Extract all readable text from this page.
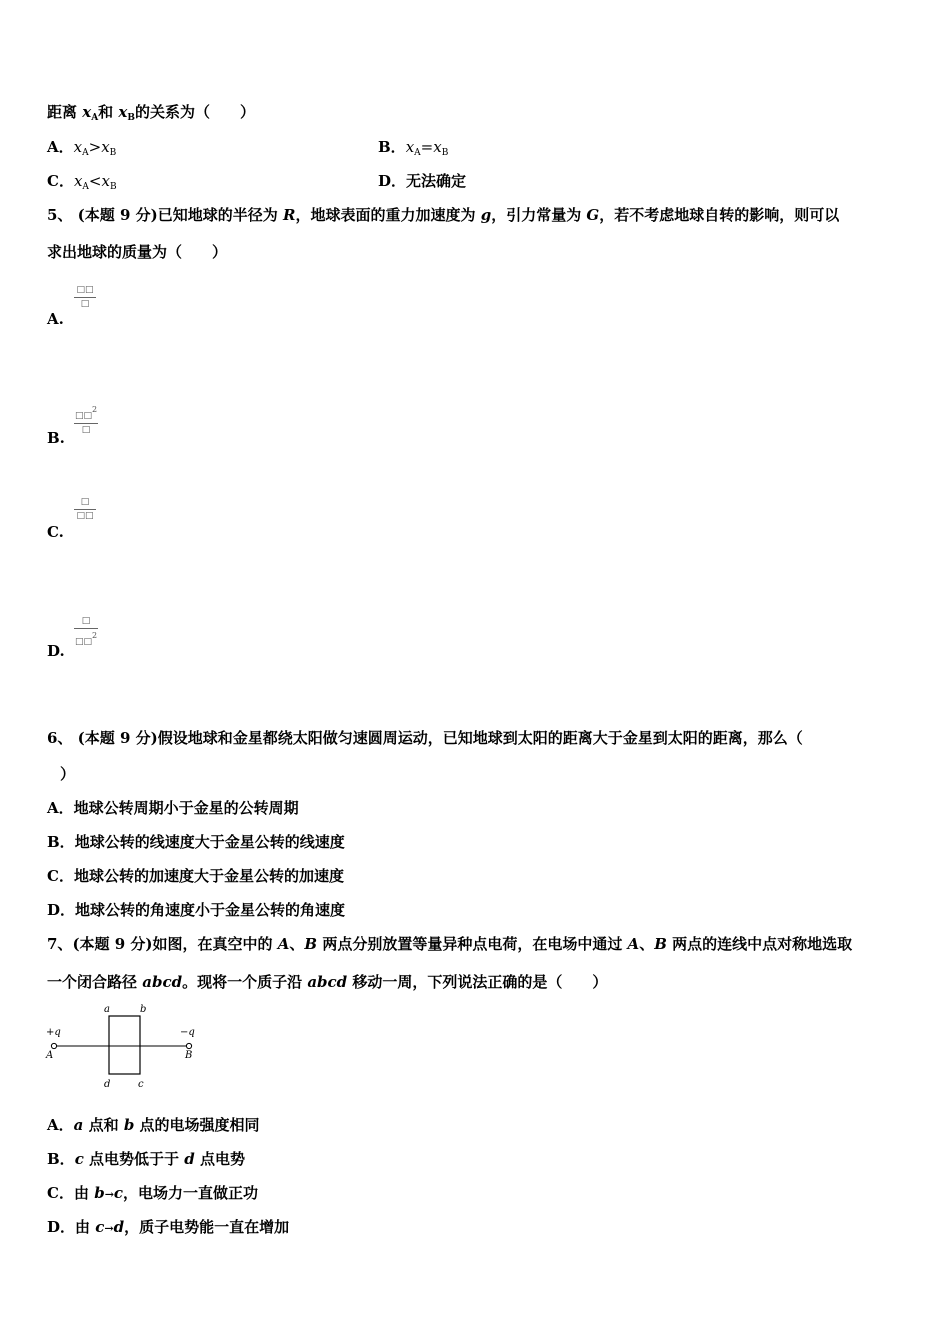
距离 $x_A$和 $x_B$的关系为（　　）
A．$x_A>x_B$	B．$x_A=x_B$
C．$x_A<x_B$	D．无法确定
5、 (本题 9 分)已知地球的半径为 R，地球表面的重力加速度为 g，引力常量为 G，若不考虑地球自转的影响，则可以
求出地球的质量为（　　）
A.
□□
□
B.
□□$^2$
□
C.
□
□□
D.
□
□□$^2$
6、 (本题 9 分)假设地球和金星都绕太阳做匀速圆周运动，已知地球到太阳的距离大于金星到太阳的距离，那么（
）
A．地球公转周期小于金星的公转周期
B．地球公转的线速度大于金星公转的线速度
C．地球公转的加速度大于金星公转的加速度
D．地球公转的角速度小于金星公转的角速度
7、(本题 9 分)如图，在真空中的 A、B 两点分别放置等量异种点电荷，在电场中通过 A、B 两点的连线中点对称地选取
一个闭合路径 abcd。现将一个质子沿 abcd 移动一周，下列说法正确的是（　　）
a	b
c
d
+q	−q
A	B
A．a 点和 b 点的电场强度相同
B．c 点电势低于于 d 点电势
C．由 b→c，电场力一直做正功
D．由 c→d，质子电势能一直在增加
